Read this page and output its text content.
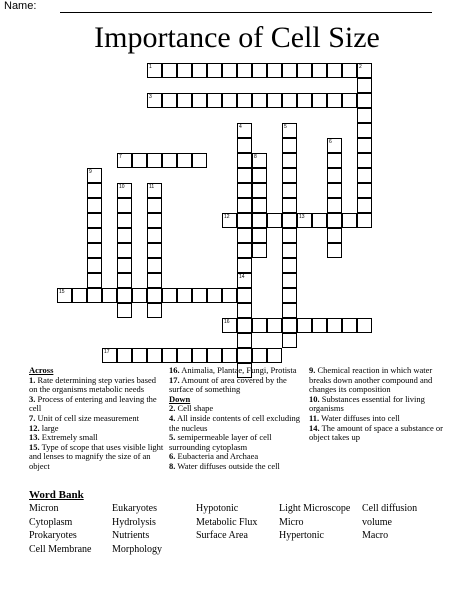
Name:
Importance of Cell Size
1	2
3
4	5
6
7	8
9
10	11
12	13
14
15
16
17
Across
1. Rate determining step varies based on the organisms metabolic needs
3. Process of entering and leaving the cell
7. Unit of cell size measurement
12. large
13. Extremely small
15. Type of scope that uses visible light and lenses to magnify the size of an object
16. Animalia, Plantae, Fungi, Protista
17. Amount of area covered by the surface of something
Down
2. Cell shape
4. All inside contents of cell excluding the nucleus
5. semipermeable layer of cell surrounding cytoplasm
6. Eubacteria and Archaea
8. Water diffuses outside the cell
9. Chemical reaction in which water breaks down another compound and changes its composition
10. Substances essential for living organisms
11. Water diffuses into cell
14. The amount of space a substance or object takes up
Word Bank
Micron
Cytoplasm
Prokaryotes
Cell Membrane
Eukaryotes
Hydrolysis
Nutrients
Morphology
Hypotonic
Metabolic Flux
Surface Area
Light Microscope
Micro
Hypertonic
Cell diffusion
volume
Macro
